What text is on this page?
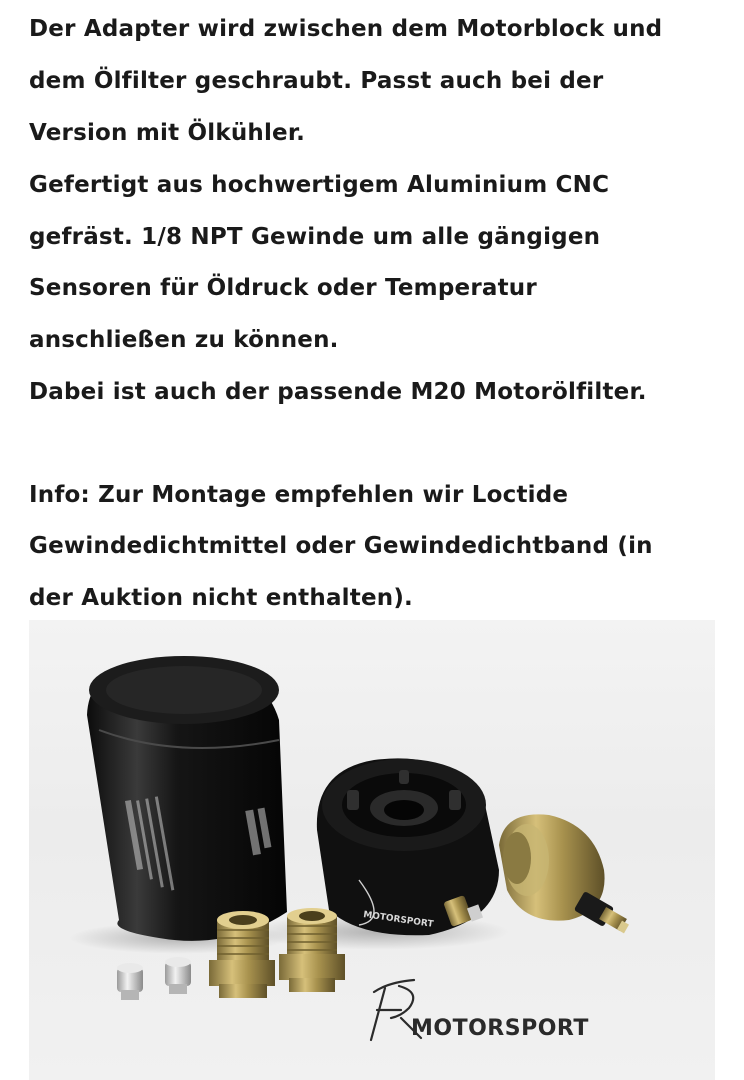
Der Adapter wird zwischen dem Motorblock und
dem Ölfilter geschraubt. Passt auch bei der
Version mit Ölkühler.
Gefertigt aus hochwertigem Aluminium CNC
gefräst. 1/8 NPT Gewinde um alle gängigen
Sensoren für Öldruck oder Temperatur
anschließen zu können.
Dabei ist auch der passende M20 Motorölfilter.
Info: Zur Montage empfehlen wir Loctide
Gewindedichtmittel oder Gewindedichtband (in
der Auktion nicht enthalten).
MOTORSPORT
MOTORSPORT
